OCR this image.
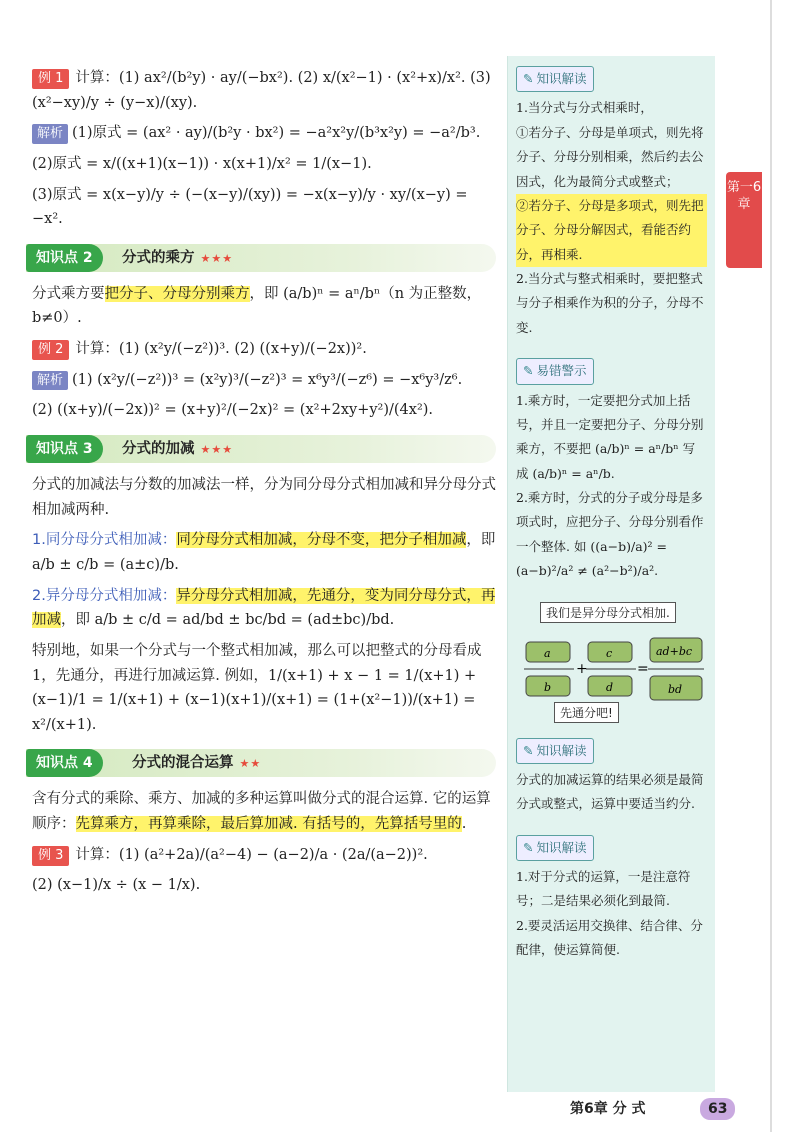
例 1 计算：(1) ax²/(b²y) · ay/(−bx²). (2) x/(x²−1) · (x²+x)/x². (3) (x²−xy)/y ÷ (y−x)/(xy).
解析 (1)原式 = (ax² · ay)/(b²y · bx²) = −a²x²y/(b³x²y) = −a²/b³.
(2)原式 = x/((x+1)(x−1)) · x(x+1)/x² = 1/(x−1).
(3)原式 = x(x−y)/y ÷ (−(x−y)/(xy)) = −x(x−y)/y · xy/(x−y) = −x².
知识点 2	分式的乘方 ★★★
分式乘方要把分子、分母分别乘方，即 (a/b)ⁿ = aⁿ/bⁿ（n 为正整数，b≠0）.
例 2 计算：(1) (x²y/(−z²))³. (2) ((x+y)/(−2x))².
解析 (1) (x²y/(−z²))³ = (x²y)³/(−z²)³ = x⁶y³/(−z⁶) = −x⁶y³/z⁶.
(2) ((x+y)/(−2x))² = (x+y)²/(−2x)² = (x²+2xy+y²)/(4x²).
知识点 3	分式的加减 ★★★
分式的加减法与分数的加减法一样，分为同分母分式相加减和异分母分式相加减两种.
1.同分母分式相加减：同分母分式相加减，分母不变，把分子相加减，即 a/b ± c/b = (a±c)/b.
2.异分母分式相加减：异分母分式相加减，先通分，变为同分母分式，再加减，即 a/b ± c/d = ad/bd ± bc/bd = (ad±bc)/bd.
特别地，如果一个分式与一个整式相加减，那么可以把整式的分母看成 1，先通分，再进行加减运算. 例如，1/(x+1) + x − 1 = 1/(x+1) + (x−1)/1 = 1/(x+1) + (x−1)(x+1)/(x+1) = (1+(x²−1))/(x+1) = x²/(x+1).
知识点 4	分式的混合运算 ★★
含有分式的乘除、乘方、加减的多种运算叫做分式的混合运算. 它的运算顺序：先算乘方，再算乘除，最后算加减. 有括号的，先算括号里的.
例 3 计算：(1) (a²+2a)/(a²−4) − (a−2)/a · (2a/(a−2))².
(2) (x−1)/x ÷ (x − 1/x).
✎ 知识解读
1.当分式与分式相乘时，
①若分子、分母是单项式，则先将分子、分母分别相乘，然后约去公因式，化为最简分式或整式；
②若分子、分母是多项式，则先把分子、分母分解因式，看能否约分，再相乘.
2.当分式与整式相乘时，要把整式与分子相乘作为积的分子，分母不变.
✎ 易错警示
1.乘方时，一定要把分式加上括号，并且一定要把分子、分母分别乘方，不要把 (a/b)ⁿ = aⁿ/bⁿ 写成 (a/b)ⁿ = aⁿ/b.
2.乘方时，分式的分子或分母是多项式时，应把分子、分母分别看作一个整体. 如 ((a−b)/a)² = (a−b)²/a² ≠ (a²−b²)/a².
我们是异分母分式相加.
+	=
a	c	ad+bc
b	d	bd
先通分吧!
✎ 知识解读
分式的加减运算的结果必须是最简分式或整式，运算中要适当约分.
✎ 知识解读
1.对于分式的运算，一是注意符号；二是结果必须化到最简.
2.要灵活运用交换律、结合律、分配律，使运算简便.
第一6章
第6章 分 式	63
